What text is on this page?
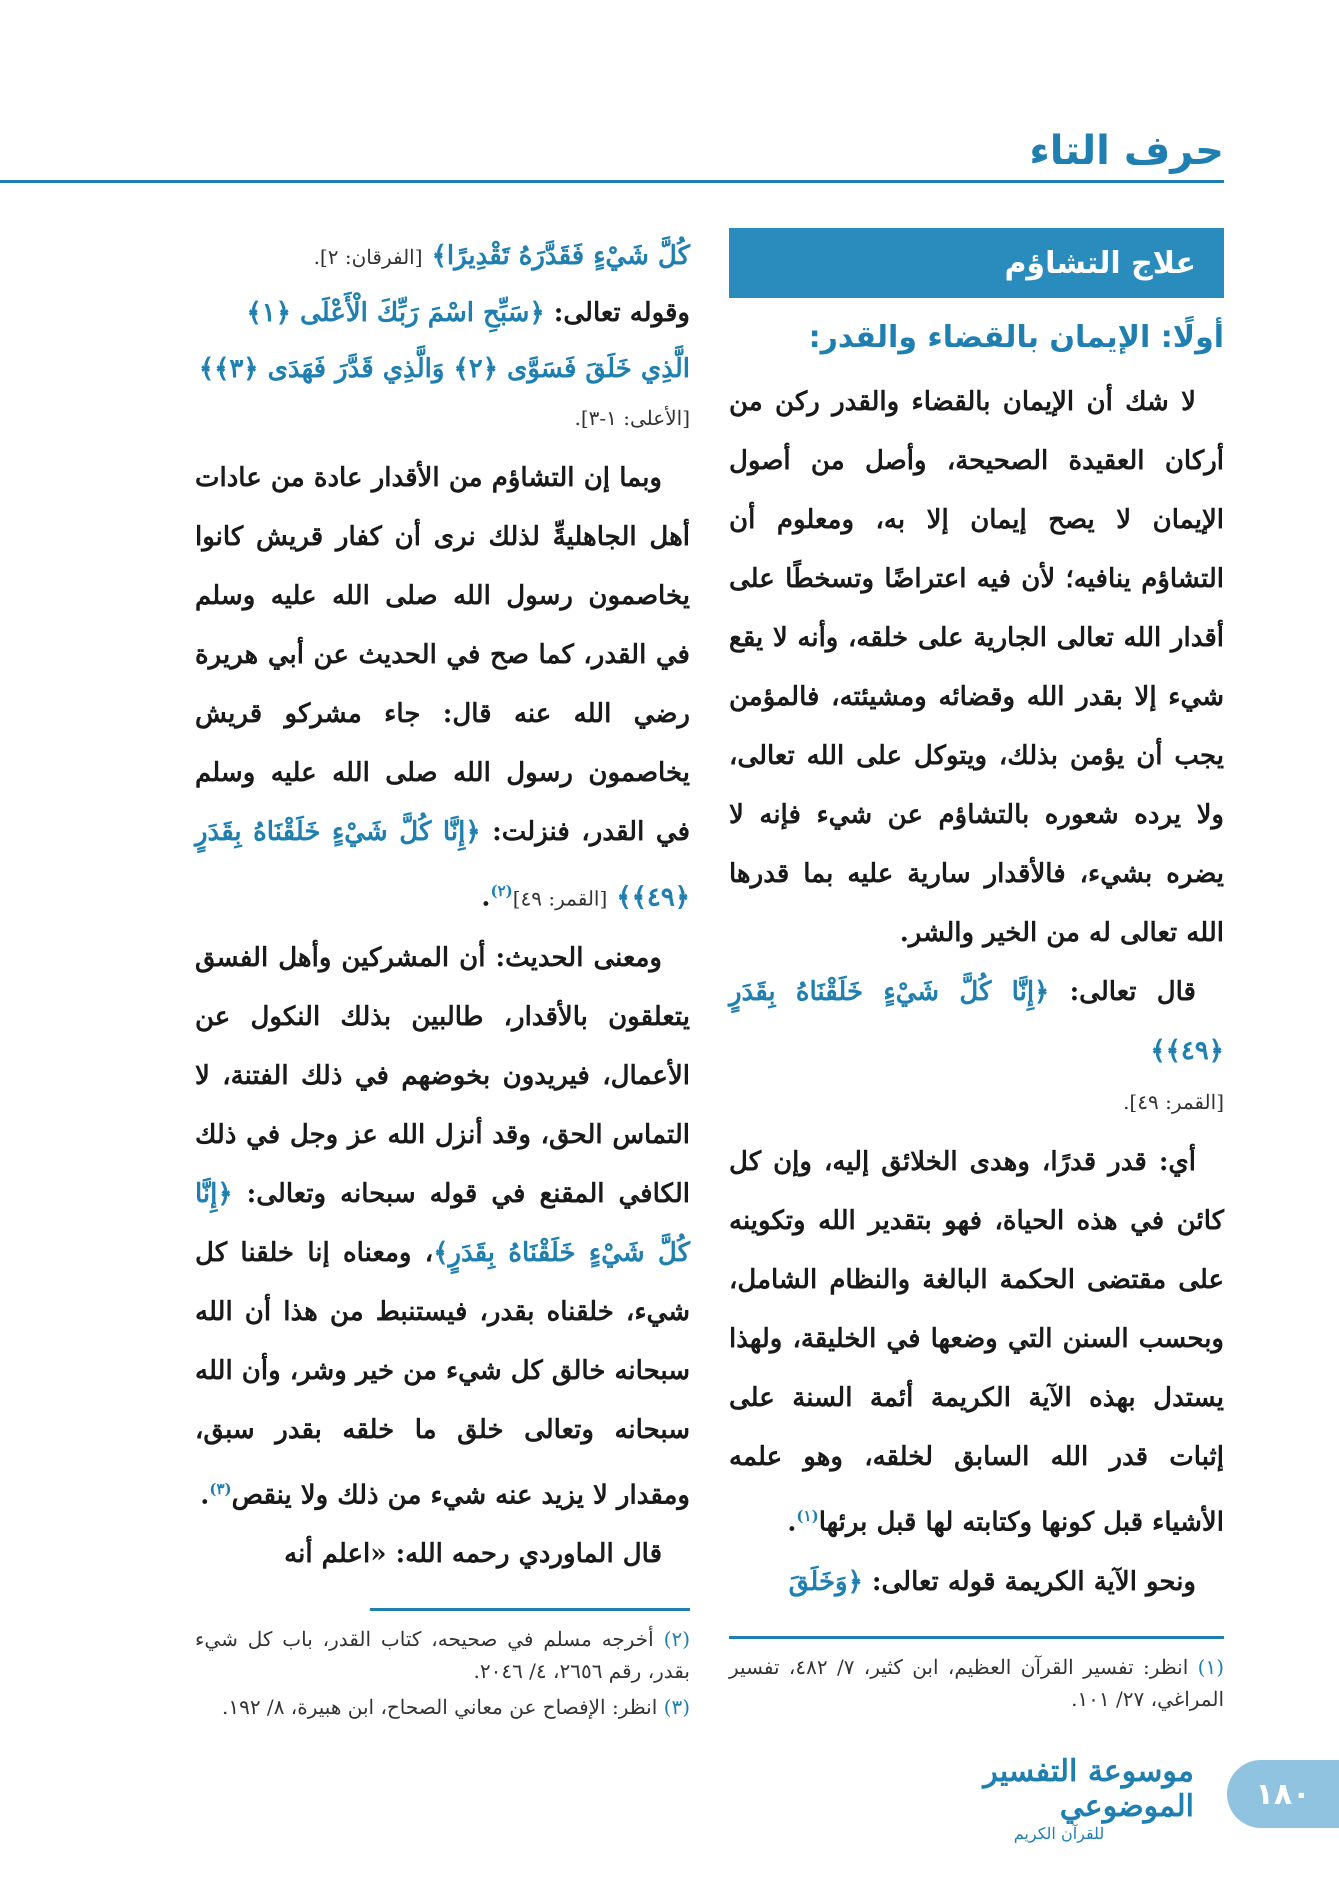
حرف التاء
علاج التشاؤم
أولًا: الإيمان بالقضاء والقدر:

لا شك أن الإيمان بالقضاء والقدر ركن من أركان العقيدة الصحيحة، وأصل من أصول الإيمان لا يصح إيمان إلا به، ومعلوم أن التشاؤم ينافيه؛ لأن فيه اعتراضًا وتسخطًا على أقدار الله تعالى الجارية على خلقه، وأنه لا يقع شيء إلا بقدر الله وقضائه ومشيئته، فالمؤمن يجب أن يؤمن بذلك، ويتوكل على الله تعالى، ولا يرده شعوره بالتشاؤم عن شيء فإنه لا يضره بشيء، فالأقدار سارية عليه بما قدرها الله تعالى له من الخير والشر.

قال تعالى: ﴿إِنَّا كُلَّ شَيْءٍ خَلَقْنَاهُ بِقَدَرٍ ﴿٤٩﴾﴾

[القمر: ٤٩].

أي: قدر قدرًا، وهدى الخلائق إليه، وإن كل كائن في هذه الحياة، فهو بتقدير الله وتكوينه على مقتضى الحكمة البالغة والنظام الشامل، وبحسب السنن التي وضعها في الخليقة، ولهذا يستدل بهذه الآية الكريمة أئمة السنة على إثبات قدر الله السابق لخلقه، وهو علمه الأشياء قبل كونها وكتابته لها قبل برئها$^{(١)}$.

ونحو الآية الكريمة قوله تعالى: ﴿وَخَلَقَ

(١) انظر: تفسير القرآن العظيم، ابن كثير، ٧/ ٤٨٢، تفسير المراغي، ٢٧/ ١٠١.

كُلَّ شَيْءٍ فَقَدَّرَهُ تَقْدِيرًا﴾ [الفرقان: ٢].

وقوله تعالى: ﴿سَبِّحِ اسْمَ رَبِّكَ الْأَعْلَى ﴿١﴾

الَّذِي خَلَقَ فَسَوَّى ﴿٢﴾ وَالَّذِي قَدَّرَ فَهَدَى ﴿٣﴾﴾

[الأعلى: ١-٣].

وبما إن التشاؤم من الأقدار عادة من عادات أهل الجاهليةِّ لذلك نرى أن كفار قريش كانوا يخاصمون رسول الله صلى الله عليه وسلم في القدر، كما صح في الحديث عن أبي هريرة رضي الله عنه قال: جاء مشركو قريش يخاصمون رسول الله صلى الله عليه وسلم في القدر، فنزلت: ﴿إِنَّا كُلَّ شَيْءٍ خَلَقْنَاهُ بِقَدَرٍ ﴿٤٩﴾﴾ [القمر: ٤٩]$^{(٢)}$.

ومعنى الحديث: أن المشركين وأهل الفسق يتعلقون بالأقدار، طالبين بذلك النكول عن الأعمال، فيريدون بخوضهم في ذلك الفتنة، لا التماس الحق، وقد أنزل الله عز وجل في ذلك الكافي المقنع في قوله سبحانه وتعالى: ﴿إِنَّا كُلَّ شَيْءٍ خَلَقْنَاهُ بِقَدَرٍ﴾، ومعناه إنا خلقنا كل شيء، خلقناه بقدر، فيستنبط من هذا أن الله سبحانه خالق كل شيء من خير وشر، وأن الله سبحانه وتعالى خلق ما خلقه بقدر سبق، ومقدار لا يزيد عنه شيء من ذلك ولا ينقص$^{(٣)}$.

قال الماوردي رحمه الله: «اعلم أنه

(٢) أخرجه مسلم في صحيحه، كتاب القدر، باب كل شيء بقدر، رقم ٢٦٥٦، ٤/ ٢٠٤٦.

(٣) انظر: الإفصاح عن معاني الصحاح، ابن هبيرة، ٨/ ١٩٢.

موسوعة التفسير الموضوعي
للقرآن الكريم
١٨٠
